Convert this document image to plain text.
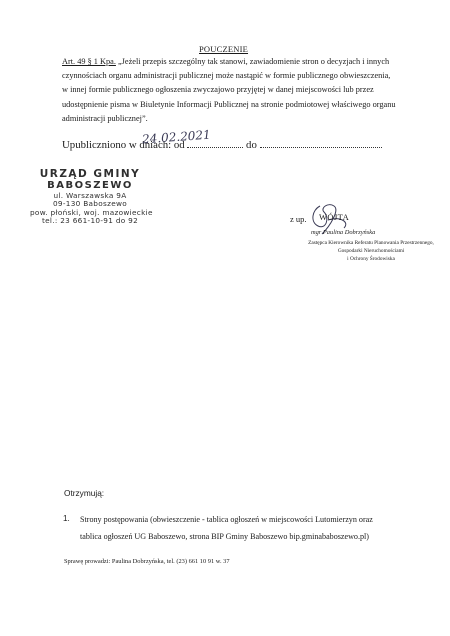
POUCZENIE
Art. 49 § 1 Kpa. „Jeżeli przepis szczególny tak stanowi, zawiadomienie stron o decyzjach i innych
czynnościach organu administracji publicznej może nastąpić w formie publicznego obwieszczenia,
w innej formie publicznego ogłoszenia zwyczajowo przyjętej w danej miejscowości lub przez
udostępnienie pisma w Biuletynie Informacji Publicznej na stronie podmiotowej właściwego organu
administracji publicznej”.
Upubliczniono w dniach: od	do
24.02.2021
URZĄD GMINY
BABOSZEWO
ul. Warszawska 9A
09-130 Baboszewo
pow. płoński, woj. mazowieckie
tel.: 23 661-10-91 do 92	z up. WÓJTA
mgr Paulina Dobrzyńska
Zastępca Kierownika Referatu Planowania Przestrzennego,
Gospodarki Nieruchomościami
i Ochrony Środowiska
Otrzymują:
1. Strony postępowania (obwieszczenie - tablica ogłoszeń w miejscowości Lutomierzyn oraz
tablica ogłoszeń UG Baboszewo, strona BIP Gminy Baboszewo bip.gminababoszewo.pl)
Sprawę prowadzi: Paulina Dobrzyńska, tel. (23) 661 10 91 w. 37
